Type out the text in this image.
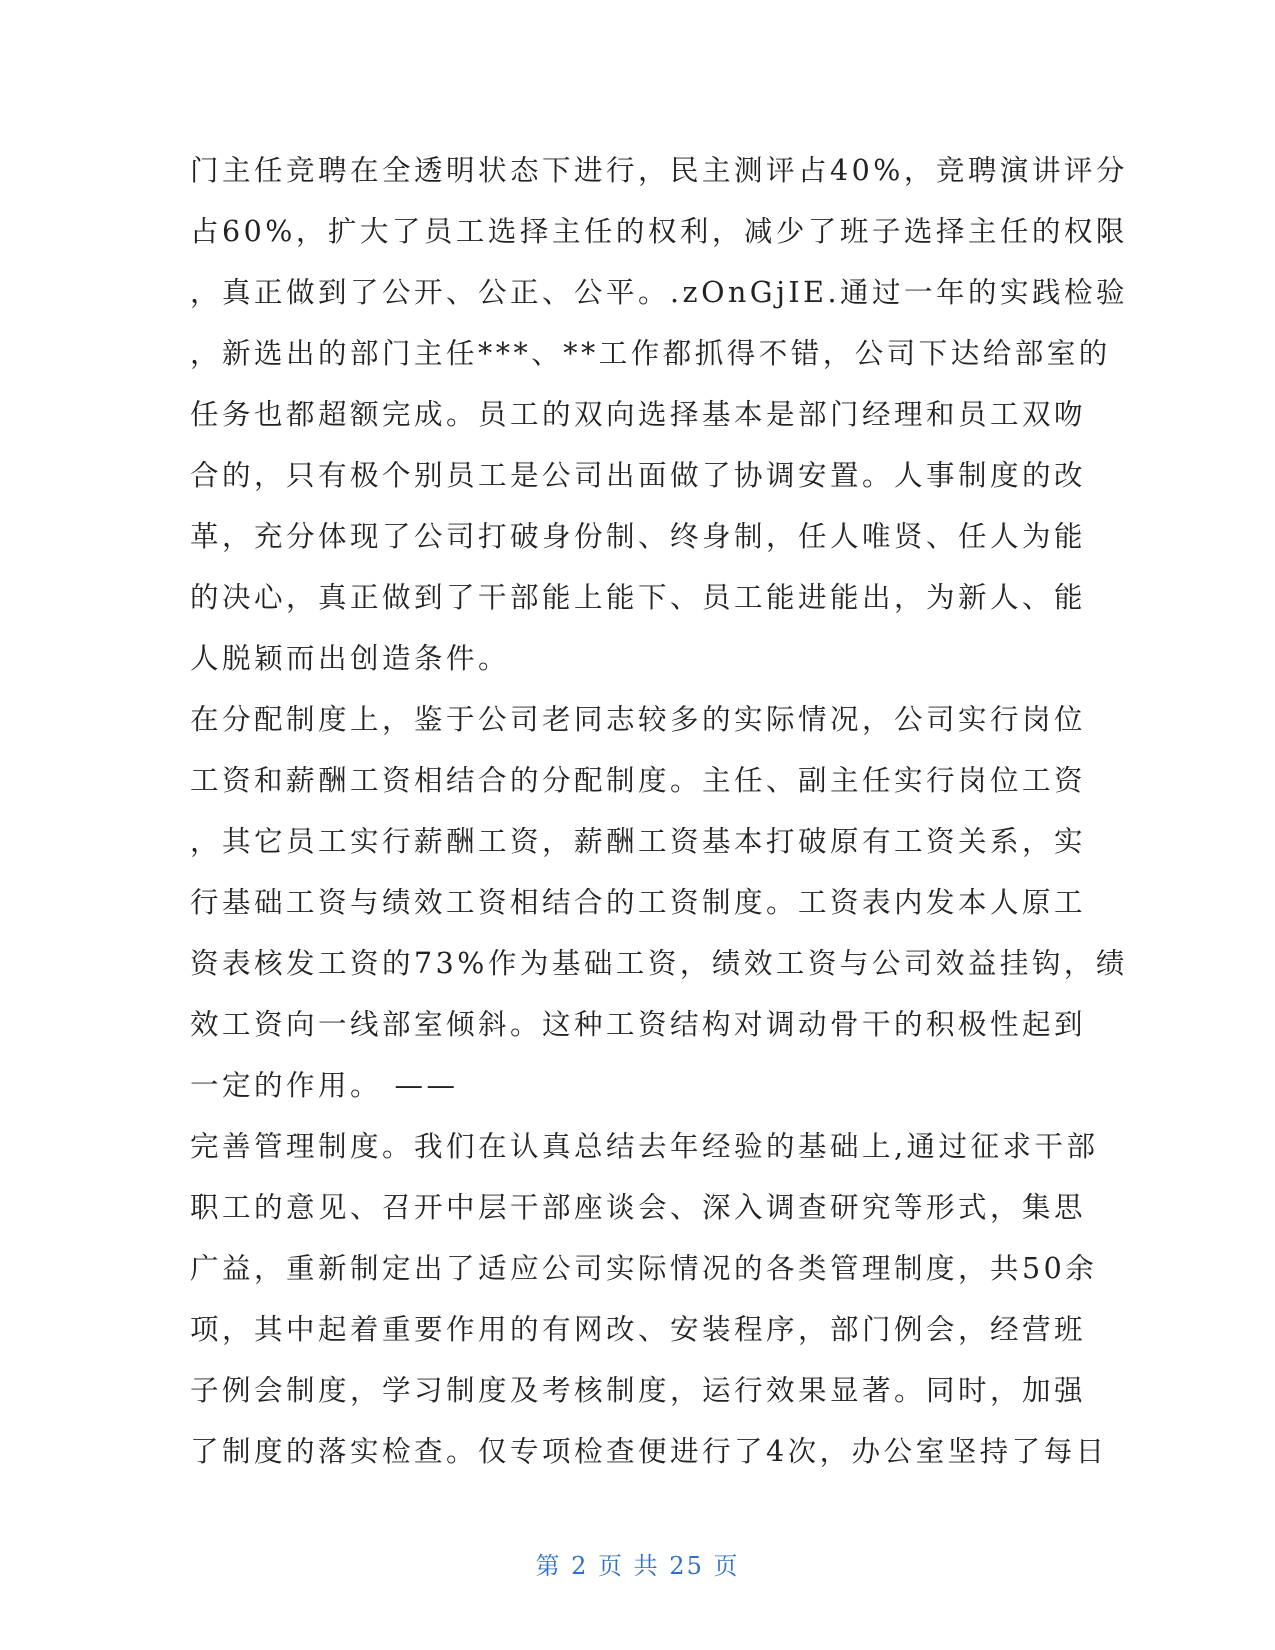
门主任竞聘在全透明状态下进行，民主测评占40%，竞聘演讲评分
占60%，扩大了员工选择主任的权利，减少了班子选择主任的权限
，真正做到了公开、公正、公平。.zOnGjIE.通过一年的实践检验
，新选出的部门主任***、**工作都抓得不错，公司下达给部室的
任务也都超额完成。员工的双向选择基本是部门经理和员工双吻
合的，只有极个别员工是公司出面做了协调安置。人事制度的改
革，充分体现了公司打破身份制、终身制，任人唯贤、任人为能
的决心，真正做到了干部能上能下、员工能进能出，为新人、能
人脱颖而出创造条件。
在分配制度上，鉴于公司老同志较多的实际情况，公司实行岗位
工资和薪酬工资相结合的分配制度。主任、副主任实行岗位工资
，其它员工实行薪酬工资，薪酬工资基本打破原有工资关系，实
行基础工资与绩效工资相结合的工资制度。工资表内发本人原工
资表核发工资的73%作为基础工资，绩效工资与公司效益挂钩，绩
效工资向一线部室倾斜。这种工资结构对调动骨干的积极性起到
一定的作用。 ——
完善管理制度。我们在认真总结去年经验的基础上,通过征求干部
职工的意见、召开中层干部座谈会、深入调查研究等形式，集思
广益，重新制定出了适应公司实际情况的各类管理制度，共50余
项，其中起着重要作用的有网改、安装程序，部门例会，经营班
子例会制度，学习制度及考核制度，运行效果显著。同时，加强
了制度的落实检查。仅专项检查便进行了4次，办公室坚持了每日
第 2 页 共 25 页
